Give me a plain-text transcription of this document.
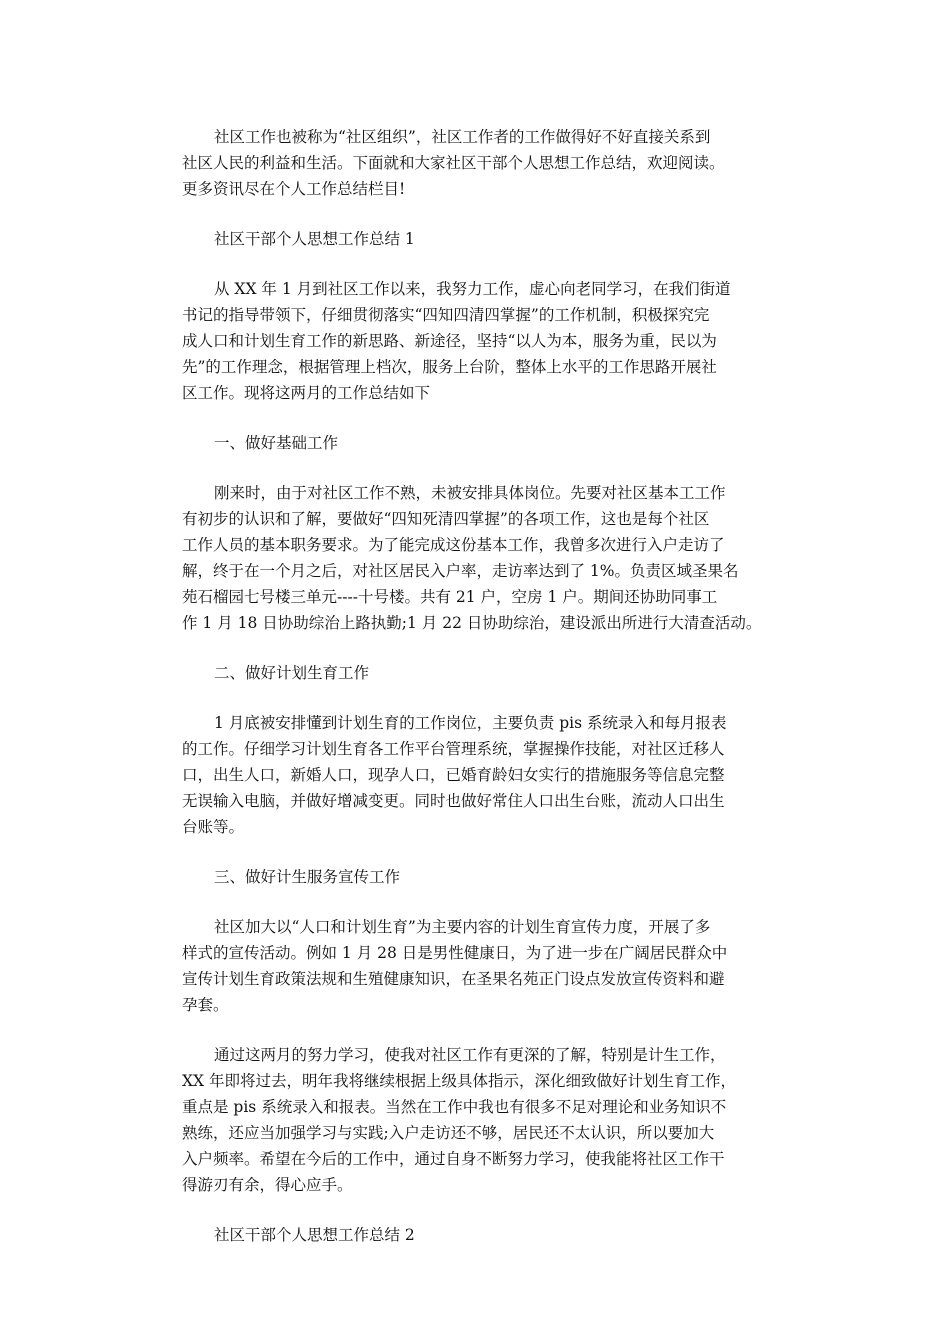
社区工作也被称为“社区组织”，社区工作者的工作做得好不好直接关系到
社区人民的利益和生活。下面就和大家社区干部个人思想工作总结，欢迎阅读。
更多资讯尽在个人工作总结栏目!

社区干部个人思想工作总结 1

从 XX 年 1 月到社区工作以来，我努力工作，虚心向老同学习，在我们街道
书记的指导带领下，仔细贯彻落实“四知四清四掌握”的工作机制，积极探究完
成人口和计划生育工作的新思路、新途径，坚持“以人为本，服务为重，民以为
先”的工作理念，根据管理上档次，服务上台阶，整体上水平的工作思路开展社
区工作。现将这两月的工作总结如下

一、做好基础工作

刚来时，由于对社区工作不熟，未被安排具体岗位。先要对社区基本工工作
有初步的认识和了解，要做好“四知死清四掌握”的各项工作，这也是每个社区
工作人员的基本职务要求。为了能完成这份基本工作，我曾多次进行入户走访了
解，终于在一个月之后，对社区居民入户率，走访率达到了 1%。负责区域圣果名
苑石榴园七号楼三单元----十号楼。共有 21 户，空房 1 户。期间还协助同事工
作 1 月 18 日协助综治上路执勤;1 月 22 日协助综治，建设派出所进行大清查活动。

二、做好计划生育工作

1 月底被安排懂到计划生育的工作岗位，主要负责 pis 系统录入和每月报表
的工作。仔细学习计划生育各工作平台管理系统，掌握操作技能，对社区迁移人
口，出生人口，新婚人口，现孕人口，已婚育龄妇女实行的措施服务等信息完整
无误输入电脑，并做好增减变更。同时也做好常住人口出生台账，流动人口出生
台账等。

三、做好计生服务宣传工作

社区加大以“人口和计划生育”为主要内容的计划生育宣传力度，开展了多
样式的宣传活动。例如 1 月 28 日是男性健康日，为了进一步在广阔居民群众中
宣传计划生育政策法规和生殖健康知识，在圣果名苑正门设点发放宣传资料和避
孕套。

通过这两月的努力学习，使我对社区工作有更深的了解，特别是计生工作，
XX 年即将过去，明年我将继续根据上级具体指示，深化细致做好计划生育工作，
重点是 pis 系统录入和报表。当然在工作中我也有很多不足对理论和业务知识不
熟练，还应当加强学习与实践;入户走访还不够，居民还不太认识，所以要加大
入户频率。希望在今后的工作中，通过自身不断努力学习，使我能将社区工作干
得游刃有余，得心应手。

社区干部个人思想工作总结 2
